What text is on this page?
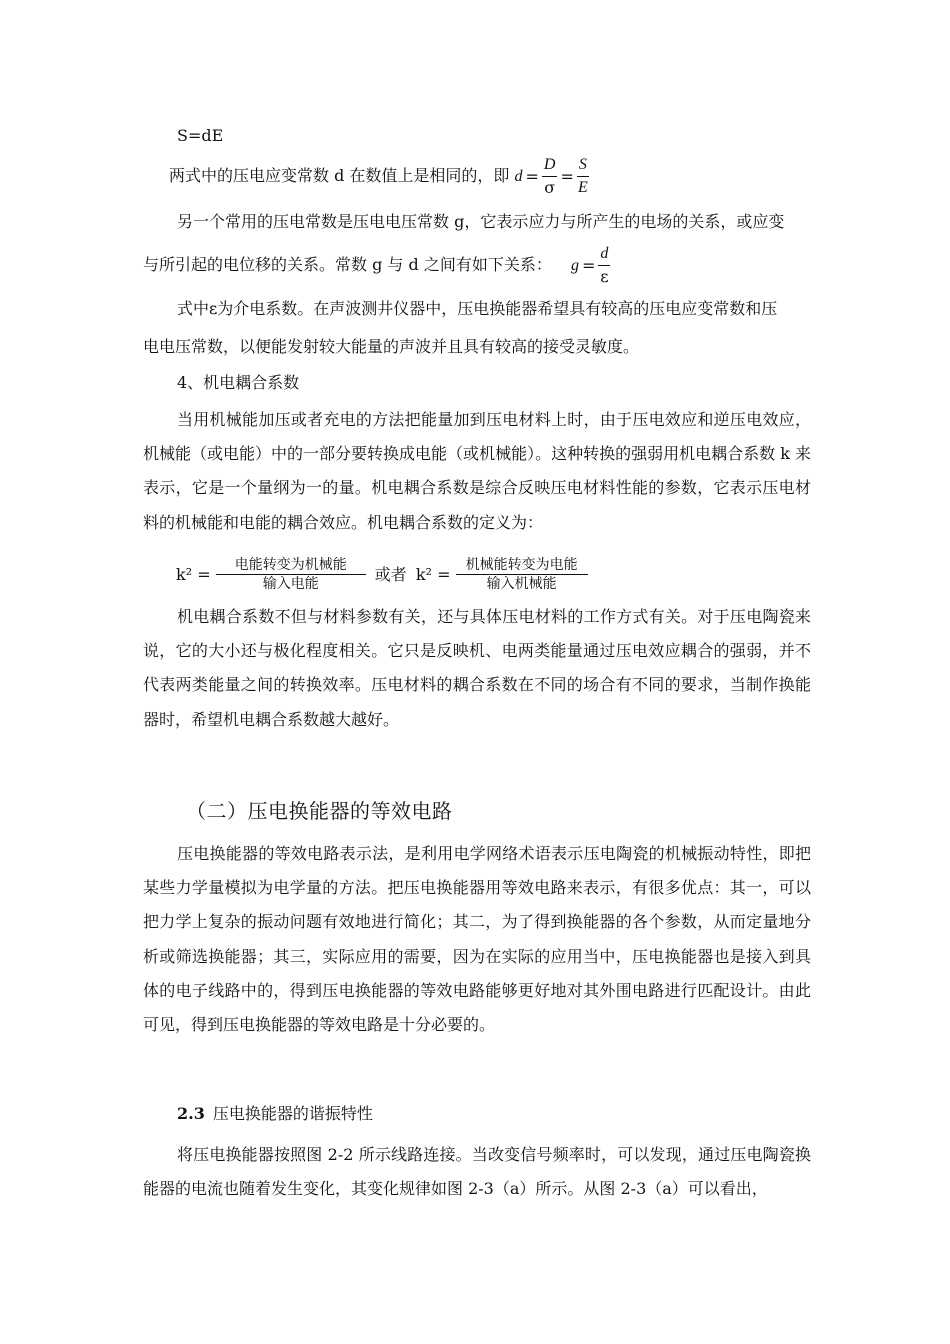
S=dE
两式中的压电应变常数 d 在数值上是相同的，即 $d = \frac{D}{\sigma} = \frac{S}{E}$
另一个常用的压电常数是压电电压常数 g，它表示应力与所产生的电场的关系，或应变
与所引起的电位移的关系。常数 g 与 d 之间有如下关系： $g = \frac{d}{\varepsilon}$
式中ε为介电系数。在声波测井仪器中，压电换能器希望具有较高的压电应变常数和压
电电压常数，以便能发射较大能量的声波并且具有较高的接受灵敏度。
4、机电耦合系数
当用机械能加压或者充电的方法把能量加到压电材料上时，由于压电效应和逆压电效应，机械能（或电能）中的一部分要转换成电能（或机械能）。这种转换的强弱用机电耦合系数 k 来表示，它是一个量纲为一的量。机电耦合系数是综合反映压电材料性能的参数，它表示压电材料的机械能和电能的耦合效应。机电耦合系数的定义为：
$k^2 = \frac{\text{电能转变为机械能}}{\text{输入电能}}$ 或者 $k^2 = \frac{\text{机械能转变为电能}}{\text{输入机械能}}$
机电耦合系数不但与材料参数有关，还与具体压电材料的工作方式有关。对于压电陶瓷来说，它的大小还与极化程度相关。它只是反映机、电两类能量通过压电效应耦合的强弱，并不代表两类能量之间的转换效率。压电材料的耦合系数在不同的场合有不同的要求，当制作换能器时，希望机电耦合系数越大越好。
（二）压电换能器的等效电路
压电换能器的等效电路表示法，是利用电学网络术语表示压电陶瓷的机械振动特性，即把某些力学量模拟为电学量的方法。把压电换能器用等效电路来表示，有很多优点：其一，可以把力学上复杂的振动问题有效地进行简化；其二，为了得到换能器的各个参数，从而定量地分析或筛选换能器；其三，实际应用的需要，因为在实际的应用当中，压电换能器也是接入到具体的电子线路中的，得到压电换能器的等效电路能够更好地对其外围电路进行匹配设计。由此可见，得到压电换能器的等效电路是十分必要的。
2.3 压电换能器的谐振特性
将压电换能器按照图 2-2 所示线路连接。当改变信号频率时，可以发现，通过压电陶瓷换能器的电流也随着发生变化，其变化规律如图 2-3（a）所示。从图 2-3（a）可以看出，
